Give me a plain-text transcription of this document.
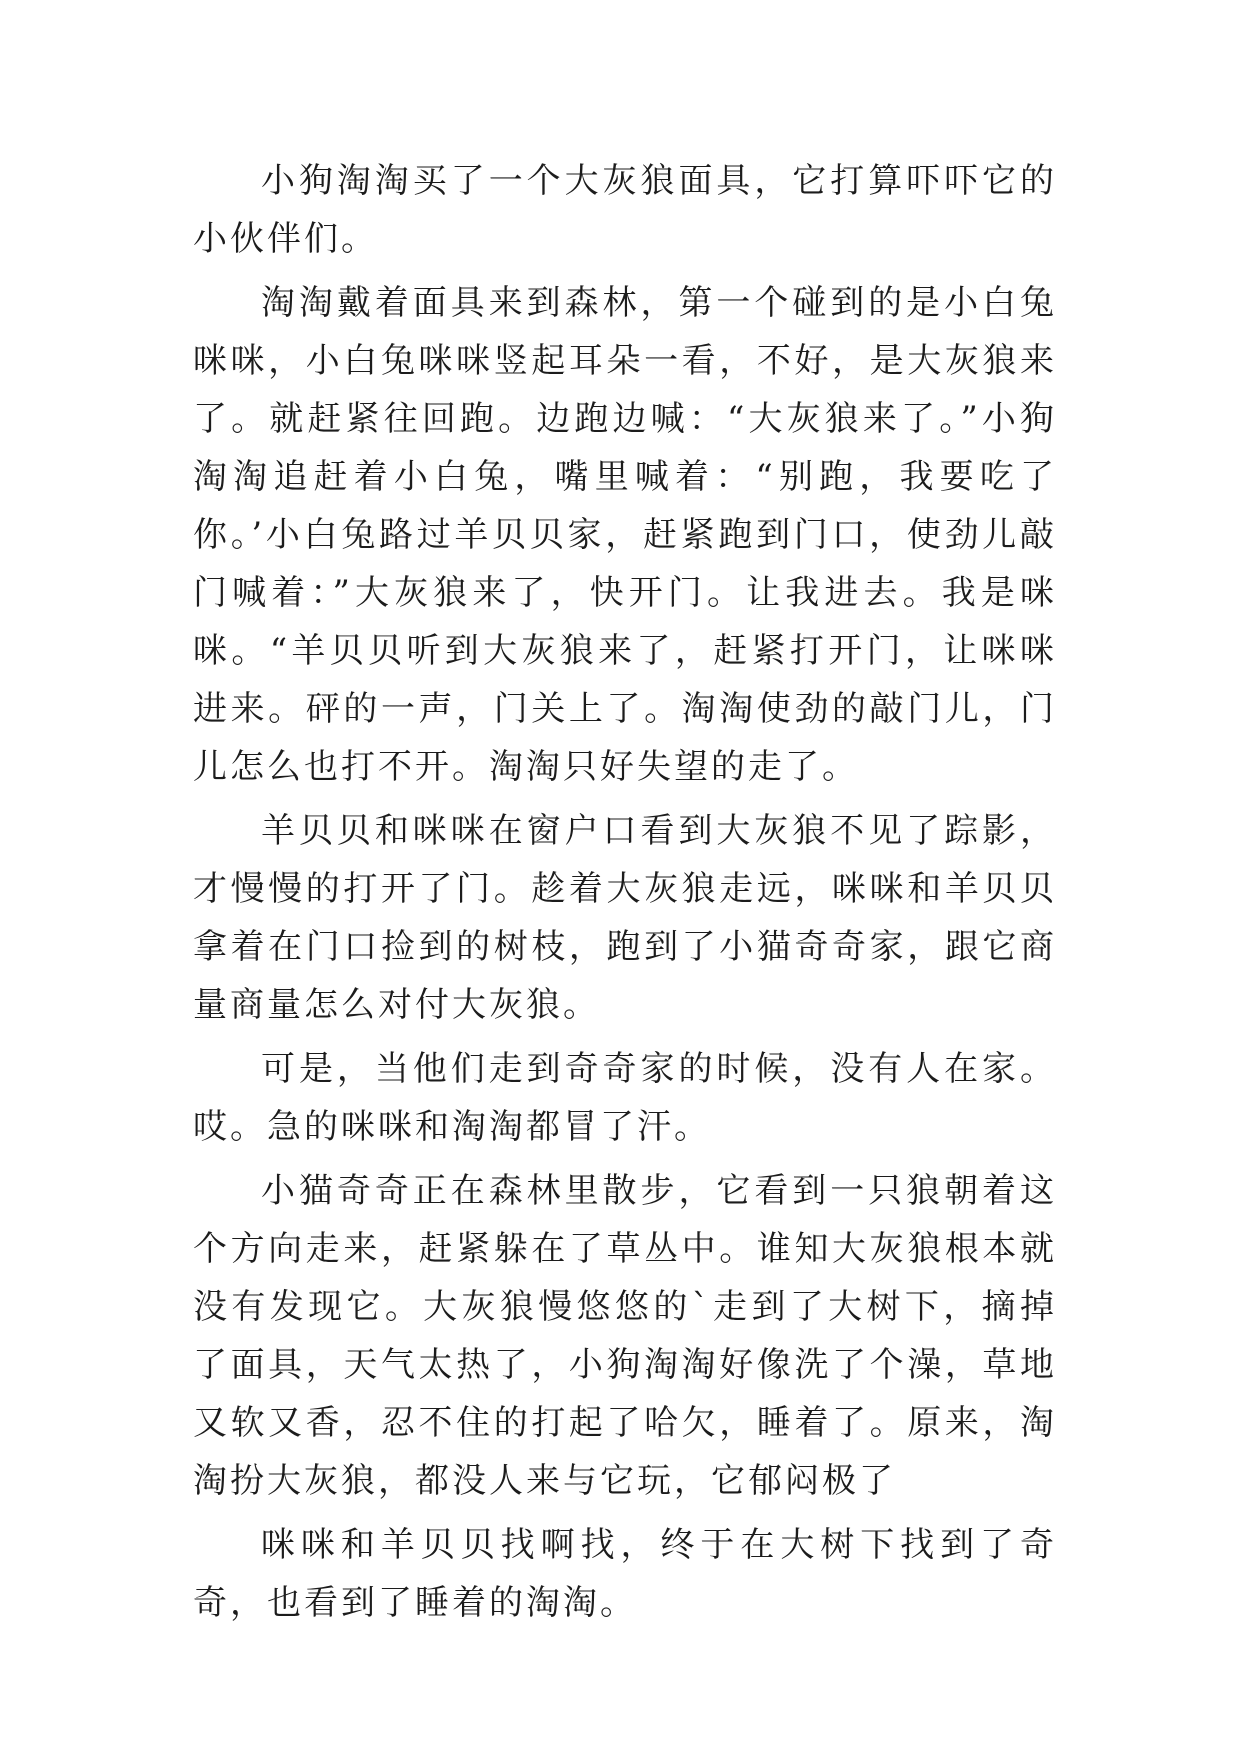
小狗淘淘买了一个大灰狼面具，它打算吓吓它的小伙伴们。

淘淘戴着面具来到森林，第一个碰到的是小白兔咪咪，小白兔咪咪竖起耳朵一看，不好，是大灰狼来了。就赶紧往回跑。边跑边喊：“大灰狼来了。”小狗淘淘追赶着小白兔，嘴里喊着：“别跑，我要吃了你。’小白兔路过羊贝贝家，赶紧跑到门口，使劲儿敲门喊着：”大灰狼来了，快开门。让我进去。我是咪咪。“羊贝贝听到大灰狼来了，赶紧打开门，让咪咪进来。砰的一声，门关上了。淘淘使劲的敲门儿，门儿怎么也打不开。淘淘只好失望的走了。

羊贝贝和咪咪在窗户口看到大灰狼不见了踪影，才慢慢的打开了门。趁着大灰狼走远，咪咪和羊贝贝拿着在门口捡到的树枝，跑到了小猫奇奇家，跟它商量商量怎么对付大灰狼。

可是，当他们走到奇奇家的时候，没有人在家。哎。急的咪咪和淘淘都冒了汗。

小猫奇奇正在森林里散步，它看到一只狼朝着这个方向走来，赶紧躲在了草丛中。谁知大灰狼根本就没有发现它。大灰狼慢悠悠的`走到了大树下，摘掉了面具，天气太热了，小狗淘淘好像洗了个澡，草地又软又香，忍不住的打起了哈欠，睡着了。原来，淘淘扮大灰狼，都没人来与它玩，它郁闷极了

咪咪和羊贝贝找啊找，终于在大树下找到了奇奇，也看到了睡着的淘淘。
